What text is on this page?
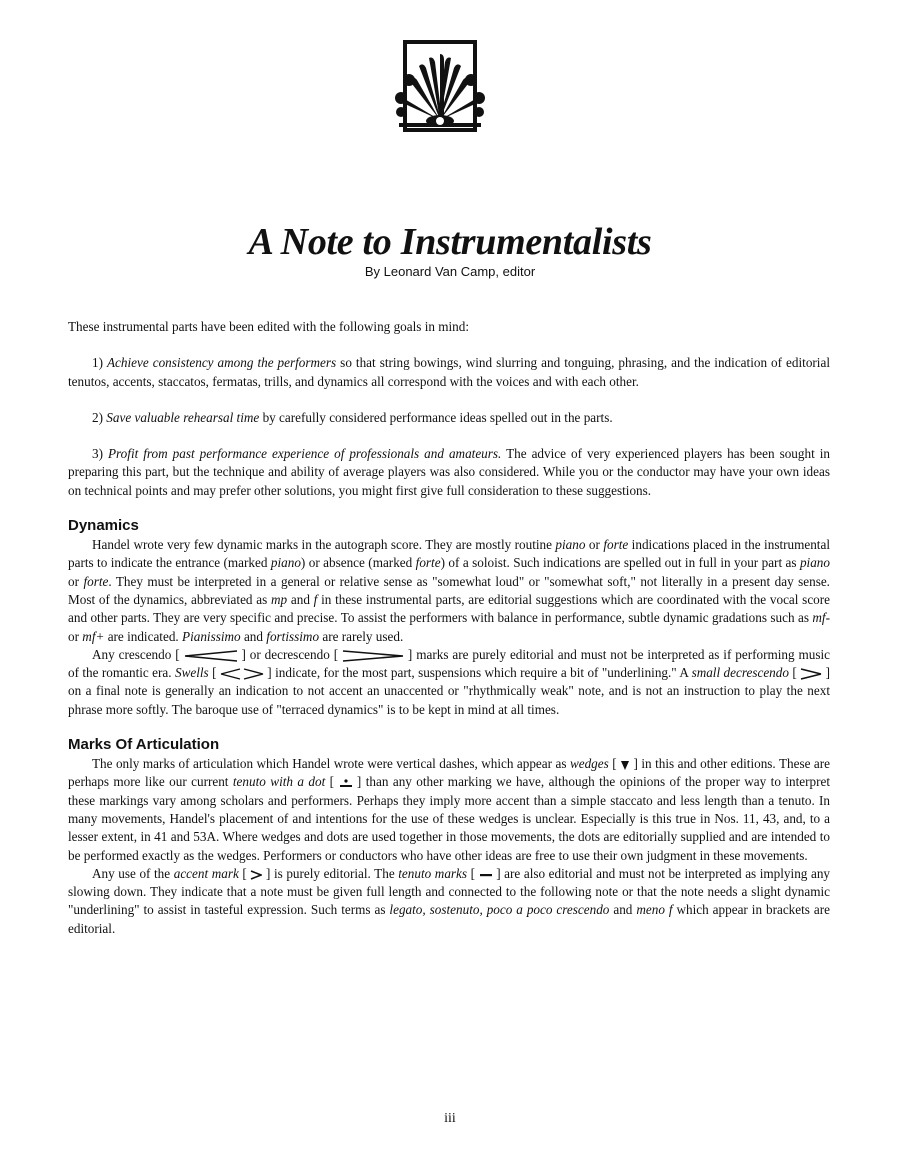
A Note to Instrumentalists
By Leonard Van Camp, editor

These instrumental parts have been edited with the following goals in mind:

1) Achieve consistency among the performers so that string bowings, wind slurring and tonguing, phrasing, and the indication of editorial tenutos, accents, staccatos, fermatas, trills, and dynamics all correspond with the voices and with each other.

2) Save valuable rehearsal time by carefully considered performance ideas spelled out in the parts.

3) Profit from past performance experience of professionals and amateurs. The advice of very experienced players has been sought in preparing this part, but the technique and ability of average players was also considered. While you or the conductor may have your own ideas on technical points and may prefer other solutions, you might first give full consideration to these suggestions.

Dynamics

Handel wrote very few dynamic marks in the autograph score. They are mostly routine piano or forte indications placed in the instrumental parts to indicate the entrance (marked piano) or absence (marked forte) of a soloist. Such indications are spelled out in full in your part as piano or forte. They must be interpreted in a general or relative sense as "somewhat loud" or "somewhat soft," not literally in a present day sense. Most of the dynamics, abbreviated as mp and f in these instrumental parts, are editorial suggestions which are coordinated with the vocal score and other parts. They are very specific and precise. To assist the performers with balance in performance, subtle dynamic gradations such as mf- or mf+ are indicated. Pianissimo and fortissimo are rarely used.

Any crescendo [	] or decrescendo [	] marks are purely editorial and must not be interpreted as if performing music of the romantic era. Swells [	] indicate, for the most part, suspensions which require a bit of "underlining." A small decrescendo [  ] on a final note is generally an indication to not accent an unaccented or "rhythmically weak" note, and is not an instruction to play the next phrase more softly. The baroque use of "terraced dynamics" is to be kept in mind at all times.

Marks Of Articulation

The only marks of articulation which Handel wrote were vertical dashes, which appear as wedges [  ] in this and other editions. These are perhaps more like our current tenuto with a dot [  ] than any other marking we have, although the opinions of the proper way to interpret these markings vary among scholars and performers. Perhaps they imply more accent than a simple staccato and less length than a tenuto. In many movements, Handel's placement of and intentions for the use of these wedges is unclear. Especially is this true in Nos. 11, 43, and, to a lesser extent, in 41 and 53A. Where wedges and dots are used together in those movements, the dots are editorially supplied and are intended to be performed exactly as the wedges. Performers or conductors who have other ideas are free to use their own judgment in these movements.

Any use of the accent mark [  ] is purely editorial. The tenuto marks [  ] are also editorial and must not be interpreted as implying any slowing down. They indicate that a note must be given full length and connected to the following note or that the note needs a slight dynamic "underlining" to assist in tasteful expression. Such terms as legato, sostenuto, poco a poco crescendo and meno f which appear in brackets are editorial.

iii
